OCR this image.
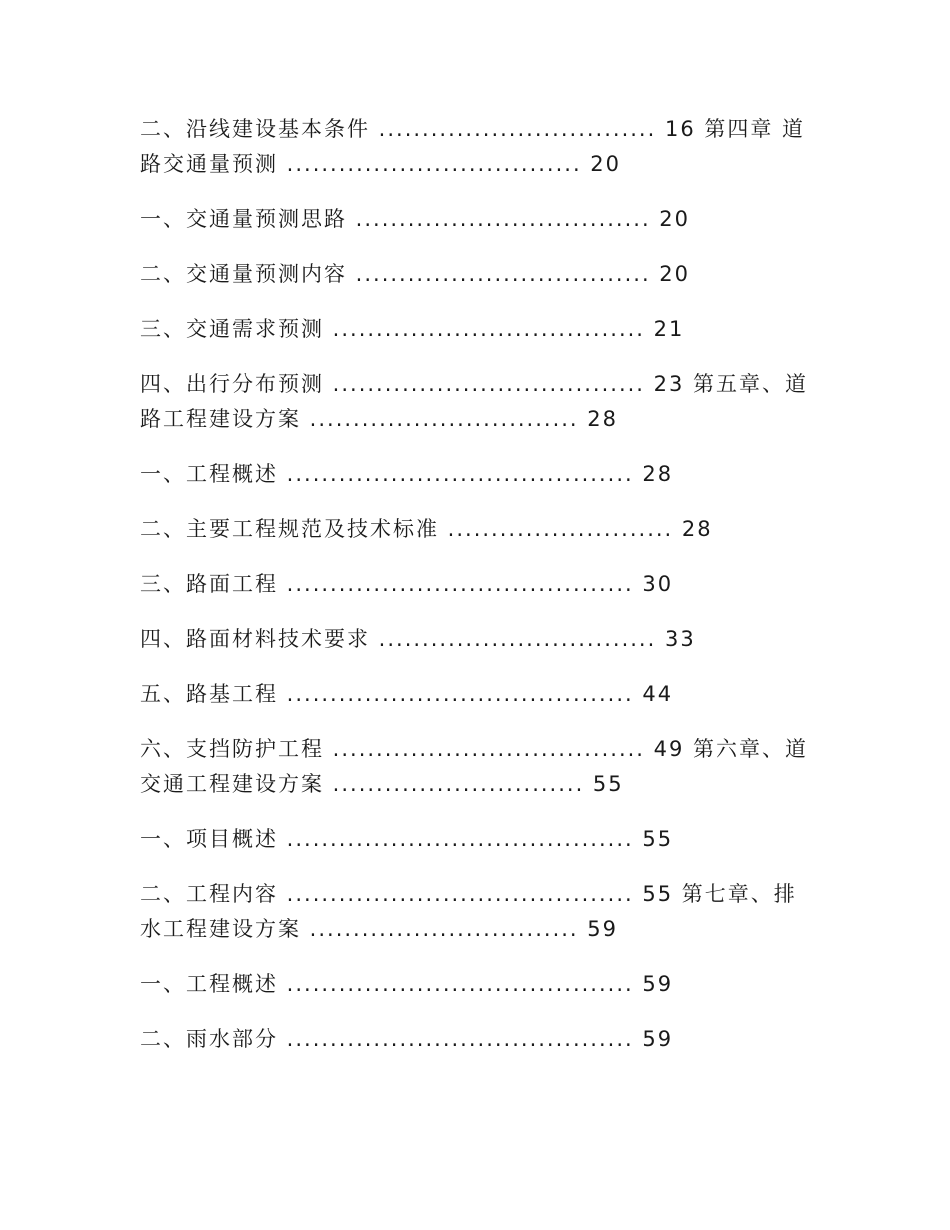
二、沿线建设基本条件 ................................ 16 第四章 道路交通量预测 .................................. 20
一、交通量预测思路 .................................. 20
二、交通量预测内容 .................................. 20
三、交通需求预测 .................................... 21
四、出行分布预测 .................................... 23 第五章、道路工程建设方案 ............................... 28
一、工程概述 ........................................ 28
二、主要工程规范及技术标准 .......................... 28
三、路面工程 ........................................ 30
四、路面材料技术要求 ................................ 33
五、路基工程 ........................................ 44
六、支挡防护工程 .................................... 49 第六章、道交通工程建设方案 ............................. 55
一、项目概述 ........................................ 55
二、工程内容 ........................................ 55 第七章、排水工程建设方案 ............................... 59
一、工程概述 ........................................ 59
二、雨水部分 ........................................ 59
